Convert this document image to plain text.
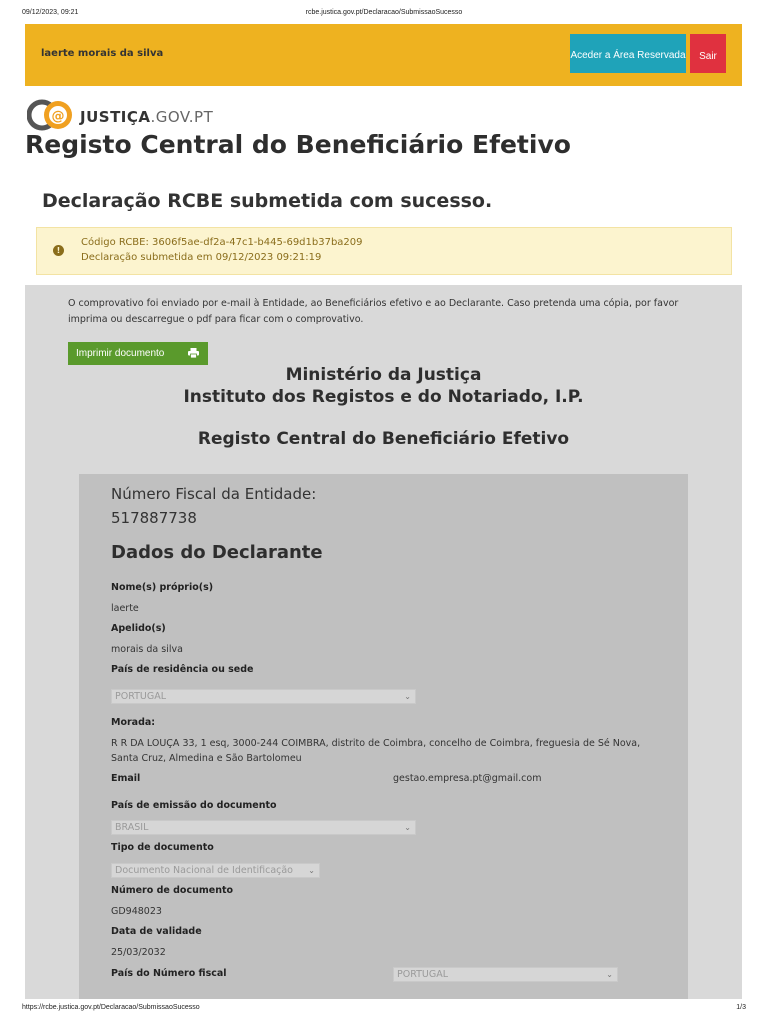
09/12/2023, 09:21	rcbe.justica.gov.pt/Declaracao/SubmissaoSucesso
laerte morais da silva	Aceder a Área Reservada	Sair
@ JUSTIÇA.GOV.PT
Registo Central do Beneficiário Efetivo
Declaração RCBE submetida com sucesso.
!
Código RCBE: 3606f5ae-df2a-47c1-b445-69d1b37ba209
Declaração submetida em 09/12/2023 09:21:19

O comprovativo foi enviado por e-mail à Entidade, ao Beneficiários efetivo e ao Declarante. Caso pretenda uma cópia, por favor imprima ou descarregue o pdf para ficar com o comprovativo.

Imprimir documento
Ministério da Justiça
Instituto dos Registos e do Notariado, I.P.
Registo Central do Beneficiário Efetivo
Número Fiscal da Entidade:
517887738
Dados do Declarante
Nome(s) próprio(s)
laerte
Apelido(s)
morais da silva
País de residência ou sede
PORTUGAL	⌄
Morada:
R R DA LOUÇA 33, 1 esq, 3000-244 COIMBRA, distrito de Coimbra, concelho de Coimbra, freguesia de Sé Nova, Santa Cruz, Almedina e São Bartolomeu
Email	gestao.empresa.pt@gmail.com
País de emissão do documento
BRASIL	⌄
Tipo de documento
Documento Nacional de Identificação ⌄
Número de documento
GD948023
Data de validade
25/03/2032
País do Número fiscal	PORTUGAL	⌄
https://rcbe.justica.gov.pt/Declaracao/SubmissaoSucesso	1/3
